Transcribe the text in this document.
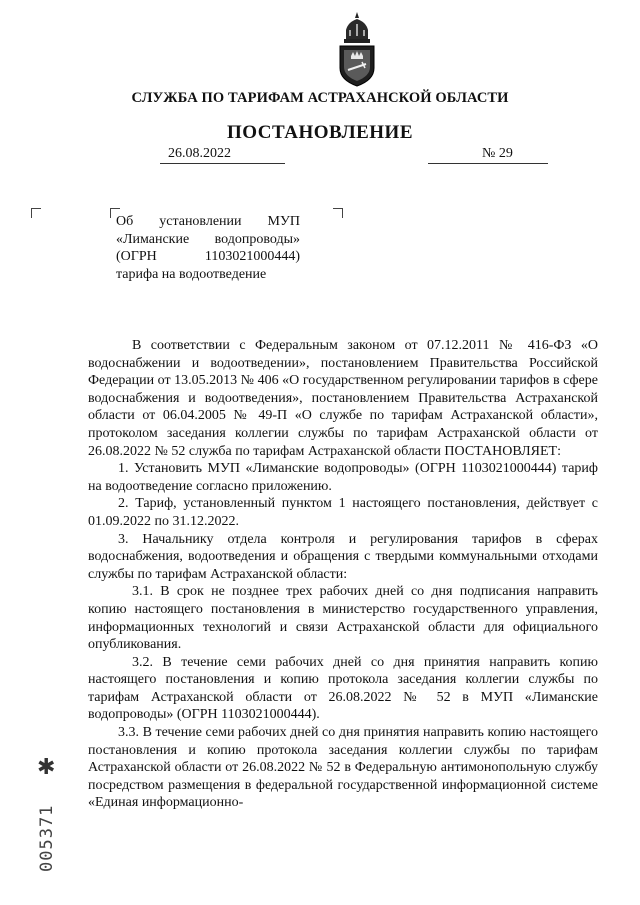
СЛУЖБА ПО ТАРИФАМ АСТРАХАНСКОЙ ОБЛАСТИ
ПОСТАНОВЛЕНИЕ
26.08.2022	№ 29
Об установлении МУП
«Лиманские водопроводы»
(ОГРН 1103021000444)
тарифа на водоотведение

В соответствии с Федеральным законом от 07.12.2011 № 416-ФЗ «О водоснабжении и водоотведении», постановлением Правительства Российской Федерации от 13.05.2013 № 406 «О государственном регулировании тарифов в сфере водоснабжения и водоотведения», постановлением Правительства Астраханской области от 06.04.2005 № 49-П «О службе по тарифам Астраханской области», протоколом заседания коллегии службы по тарифам Астраханской области от 26.08.2022 № 52 служба по тарифам Астраханской области ПОСТАНОВЛЯЕТ:

1. Установить МУП «Лиманские водопроводы» (ОГРН 1103021000444) тариф на водоотведение согласно приложению.

2. Тариф, установленный пунктом 1 настоящего постановления, действует с 01.09.2022 по 31.12.2022.

3. Начальнику отдела контроля и регулирования тарифов в сферах водоснабжения, водоотведения и обращения с твердыми коммунальными отходами службы по тарифам Астраханской области:

3.1. В срок не позднее трех рабочих дней со дня подписания направить копию настоящего постановления в министерство государственного управления, информационных технологий и связи Астраханской области для официального опубликования.

3.2. В течение семи рабочих дней со дня принятия направить копию настоящего постановления и копию протокола заседания коллегии службы по тарифам Астраханской области от 26.08.2022 № 52 в МУП «Лиманские водопроводы» (ОГРН 1103021000444).

3.3. В течение семи рабочих дней со дня принятия направить копию настоящего постановления и копию протокола заседания коллегии службы по тарифам Астраханской области от 26.08.2022 № 52 в Федеральную антимонопольную службу посредством размещения в федеральной государственной информационной системе «Единая информационно-

✱
005371
